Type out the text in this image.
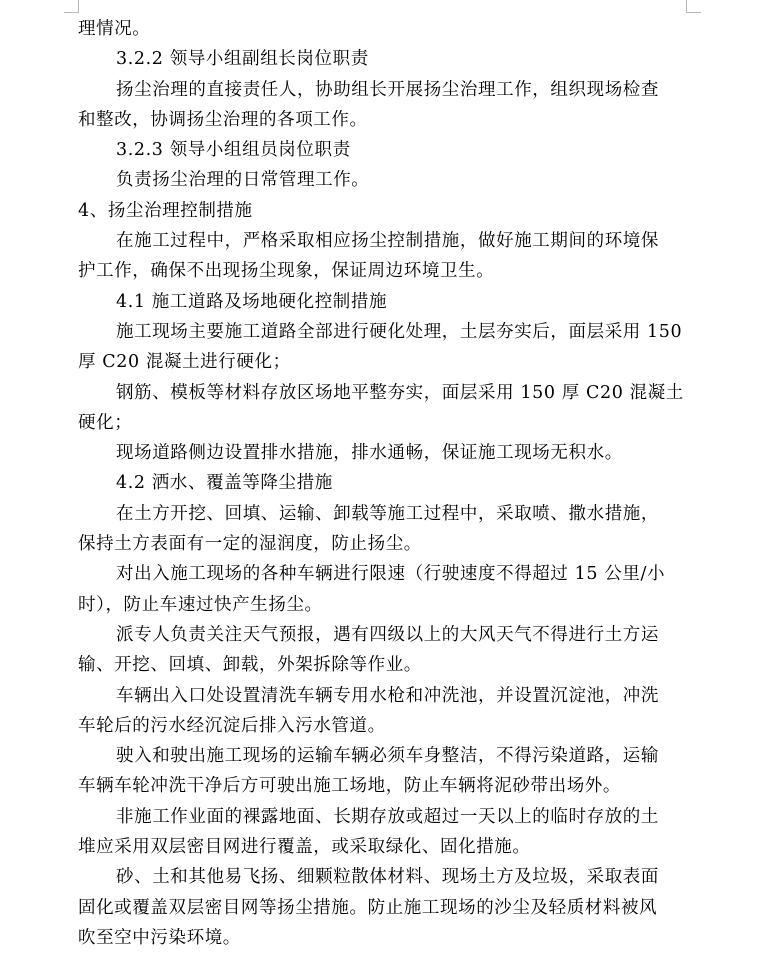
理情况。
3.2.2 领导小组副组长岗位职责
扬尘治理的直接责任人，协助组长开展扬尘治理工作，组织现场检查
和整改，协调扬尘治理的各项工作。
3.2.3 领导小组组员岗位职责
负责扬尘治理的日常管理工作。
4、扬尘治理控制措施
在施工过程中，严格采取相应扬尘控制措施，做好施工期间的环境保
护工作，确保不出现扬尘现象，保证周边环境卫生。
4.1 施工道路及场地硬化控制措施
施工现场主要施工道路全部进行硬化处理，土层夯实后，面层采用 150
厚 C20 混凝土进行硬化；
钢筋、模板等材料存放区场地平整夯实，面层采用 150 厚 C20 混凝土
硬化；
现场道路侧边设置排水措施，排水通畅，保证施工现场无积水。
4.2 洒水、覆盖等降尘措施
在土方开挖、回填、运输、卸载等施工过程中，采取喷、撒水措施，
保持土方表面有一定的湿润度，防止扬尘。
对出入施工现场的各种车辆进行限速（行驶速度不得超过 15 公里/小
时），防止车速过快产生扬尘。
派专人负责关注天气预报，遇有四级以上的大风天气不得进行土方运
输、开挖、回填、卸载，外架拆除等作业。
车辆出入口处设置清洗车辆专用水枪和冲洗池，并设置沉淀池，冲洗
车轮后的污水经沉淀后排入污水管道。
驶入和驶出施工现场的运输车辆必须车身整洁，不得污染道路，运输
车辆车轮冲洗干净后方可驶出施工场地，防止车辆将泥砂带出场外。
非施工作业面的裸露地面、长期存放或超过一天以上的临时存放的土
堆应采用双层密目网进行覆盖，或采取绿化、固化措施。
砂、土和其他易飞扬、细颗粒散体材料、现场土方及垃圾，采取表面
固化或覆盖双层密目网等扬尘措施。防止施工现场的沙尘及轻质材料被风
吹至空中污染环境。
